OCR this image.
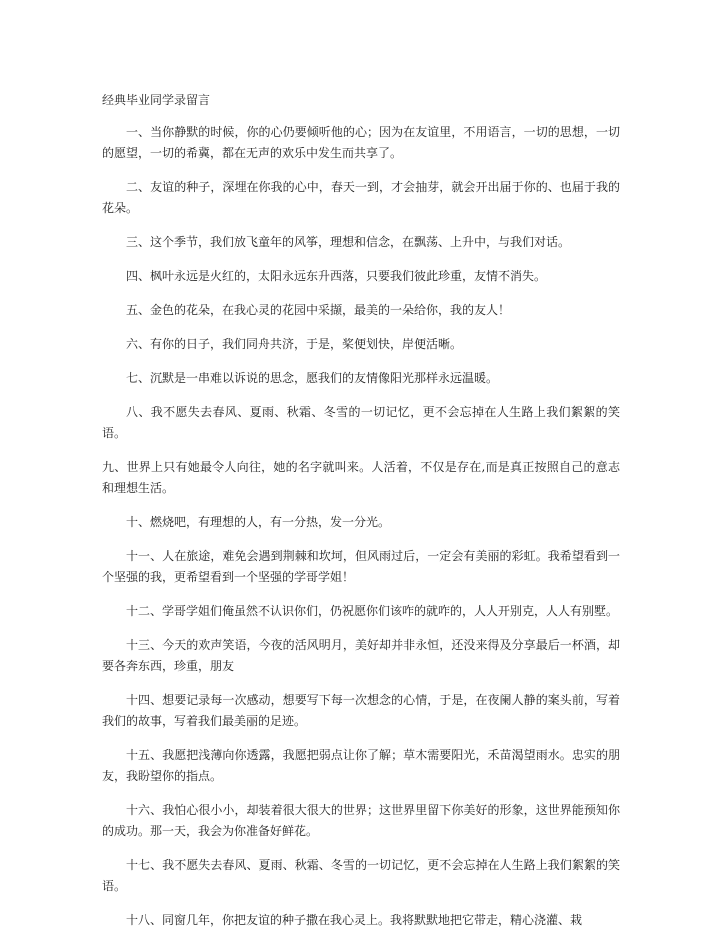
经典毕业同学录留言

一、当你静默的时候，你的心仍要倾听他的心；因为在友谊里，不用语言，一切的思想，一切的愿望，一切的希冀，都在无声的欢乐中发生而共享了。

二、友谊的种子，深埋在你我的心中，春天一到，才会抽芽，就会开出届于你的、也届于我的花朵。

三、这个季节，我们放飞童年的风筝，理想和信念，在飘荡、上升中，与我们对话。

四、枫叶永远是火红的，太阳永远东升西落，只要我们彼此珍重，友情不消失。

五、金色的花朵，在我心灵的花园中采撷，最美的一朵给你，我的友人！

六、有你的日子，我们同舟共济，于是，桨便划快，岸便活晰。

七、沉默是一串难以诉说的思念，愿我们的友情像阳光那样永远温暖。

八、我不愿失去春风、夏雨、秋霜、冬雪的一切记忆，更不会忘掉在人生路上我们絮絮的笑语。

九、世界上只有她最令人向往，她的名字就叫来。人活着，不仅是存在,而是真正按照自己的意志和理想生活。

十、燃烧吧，有理想的人，有一分热，发一分光。

十一、人在旅途，难免会遇到荆棘和坎坷，但风雨过后，一定会有美丽的彩虹。我希望看到一个坚强的我，更希望看到一个坚强的学哥学姐！

十二、学哥学姐们俺虽然不认识你们，仍祝愿你们该咋的就咋的，人人开别克，人人有别墅。

十三、今天的欢声笑语，今夜的活风明月，美好却并非永恒，还没来得及分享最后一杯酒，却要各奔东西，珍重，朋友

十四、想要记录每一次感动，想要写下每一次想念的心情，于是，在夜阑人静的案头前，写着我们的故事，写着我们最美丽的足迹。

十五、我愿把浅薄向你透露，我愿把弱点让你了解；草木需要阳光，禾苗渴望雨水。忠实的朋友，我盼望你的指点。

十六、我怕心很小小，却装着很大很大的世界；这世界里留下你美好的形象，这世界能预知你的成功。那一天，我会为你准备好鲜花。

十七、我不愿失去春风、夏雨、秋霜、冬雪的一切记忆，更不会忘掉在人生路上我们絮絮的笑语。

十八、同窗几年，你把友谊的种子撒在我心灵上。我将默默地把它带走，精心浇灌、栽
